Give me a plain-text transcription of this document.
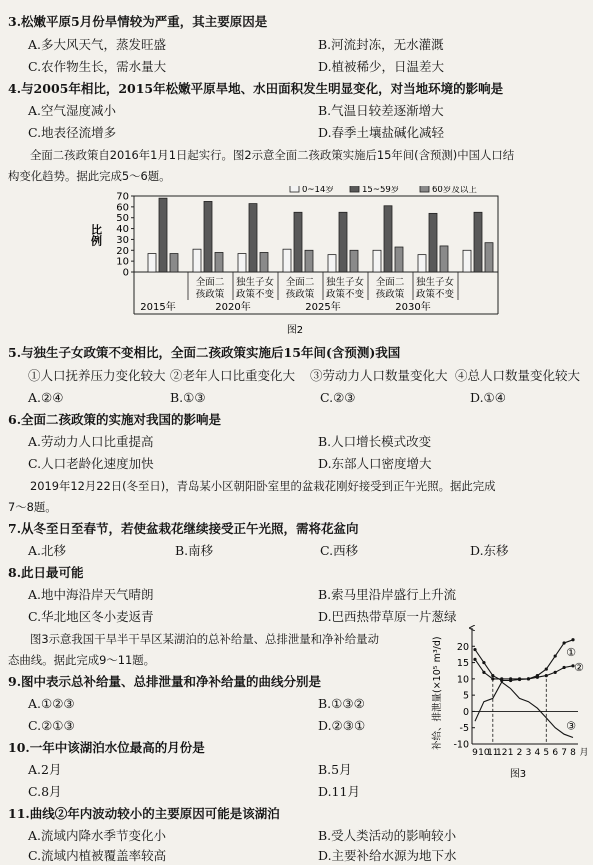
3.松嫩平原5月份旱情较为严重，其主要原因是
A.多大风天气，蒸发旺盛	B.河流封冻，无水灌溉
C.农作物生长，需水量大	D.植被稀少，日温差大
4.与2005年相比，2015年松嫩平原旱地、水田面积发生明显变化，对当地环境的影响是
A.空气湿度减小	B.气温日较差逐渐增大
C.地表径流增多	D.春季土壤盐碱化减轻
全面二孩政策自2016年1月1日起实行。图2示意全面二孩政策实施后15年间(含预测)中国人口结
构变化趋势。据此完成5～6题。
比例
0
10
20
30
40
50
60
70
0~14岁	15~59岁	60岁及以上
全面二
孩政策
独生子女
政策不变
全面二
孩政策
独生子女
政策不变
全面二
孩政策
独生子女
政策不变
2015年	2020年	2025年	2030年
图2
5.与独生子女政策不变相比，全面二孩政策实施后15年间(含预测)我国
①人口抚养压力变化较大 ②老年人口比重变化大 ③劳动力人口数量变化大 ④总人口数量变化较大
A.②④	B.①③	C.②③	D.①④
6.全面二孩政策的实施对我国的影响是
A.劳动力人口比重提高	B.人口增长模式改变
C.人口老龄化速度加快	D.东部人口密度增大
2019年12月22日(冬至日)，青岛某小区朝阳卧室里的盆栽花刚好接受到正午光照。据此完成
7～8题。
7.从冬至日至春节，若使盆栽花继续接受正午光照，需将花盆向
A.北移	B.南移	C.西移	D.东移
8.此日最可能
A.地中海沿岸天气晴朗	B.索马里沿岸盛行上升流
C.华北地区冬小麦返青	D.巴西热带草原一片葱绿
图3示意我国干旱半干旱区某湖泊的总补给量、总排泄量和净补给量动
态曲线。据此完成9～11题。	补给、排泄量(×10⁵ m³/d) 20
15
10
5
0
-5
-10
9 10
11
12 1 2 3 4 5 6 7 8 月
①
②
③
图3
9.图中表示总补给量、总排泄量和净补给量的曲线分别是
A.①②③	B.①③②
C.②①③	D.②③①
10.一年中该湖泊水位最高的月份是
A.2月	B.5月
C.8月	D.11月
11.曲线②年内波动较小的主要原因可能是该湖泊
A.流域内降水季节变化小	B.受人类活动的影响较小
C.流域内植被覆盖率较高	D.主要补给水源为地下水
